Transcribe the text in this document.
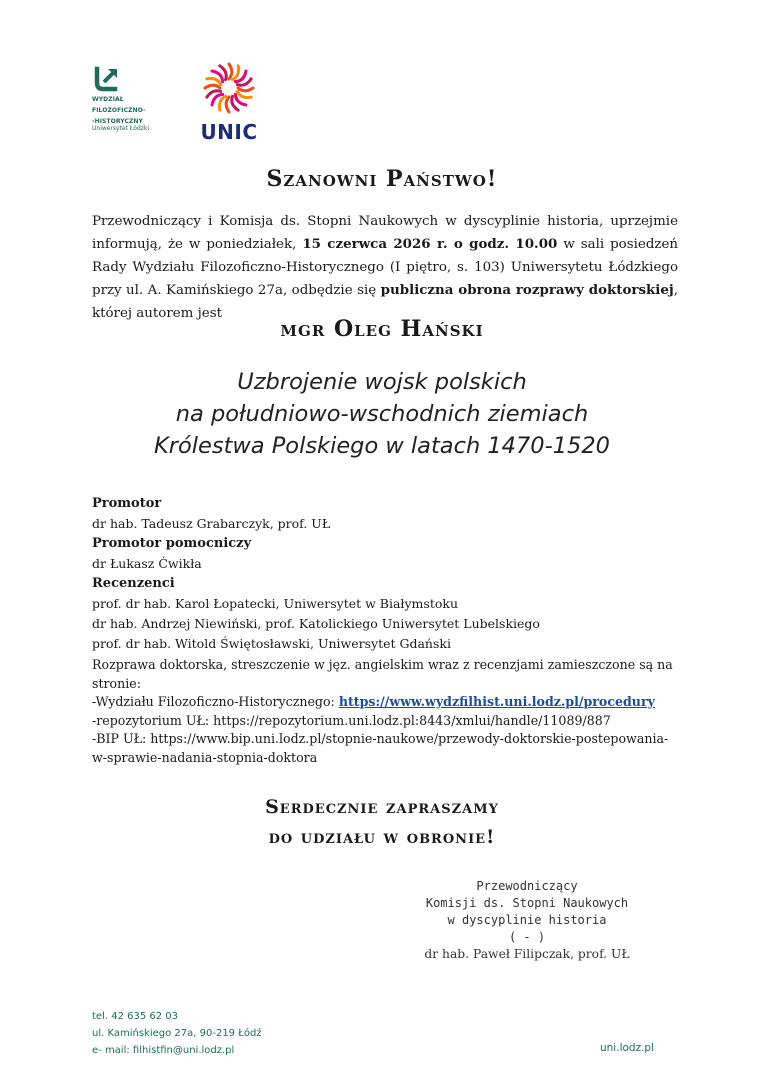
WYDZIAŁ
FILOZOFICZNO-
-HISTORYCZNY
Uniwersytet Łódzki	UNIC
Szanowni Państwo!
Przewodniczący i Komisja ds. Stopni Naukowych w dyscyplinie historia, uprzejmie informują, że w poniedziałek, 15 czerwca 2026 r. o godz. 10.00 w sali posiedzeń Rady Wydziału Filozoficzno-Historycznego (I piętro, s. 103) Uniwersytetu Łódzkiego przy ul. A. Kamińskiego 27a, odbędzie się publiczna obrona rozprawy doktorskiej, której autorem jest
mgr Oleg Hański
Uzbrojenie wojsk polskich
na południowo-wschodnich ziemiach
Królestwa Polskiego w latach 1470-1520
Promotor
dr hab. Tadeusz Grabarczyk, prof. UŁ
Promotor pomocniczy
dr Łukasz Ćwikła
Recenzenci
prof. dr hab. Karol Łopatecki, Uniwersytet w Białymstoku
dr hab. Andrzej Niewiński, prof. Katolickiego Uniwersytet Lubelskiego
prof. dr hab. Witold Świętosławski, Uniwersytet Gdański
Rozprawa doktorska, streszczenie w jęz. angielskim wraz z recenzjami zamieszczone są na stronie:
-Wydziału Filozoficzno-Historycznego: https://www.wydzfilhist.uni.lodz.pl/procedury
-repozytorium UŁ: https://repozytorium.uni.lodz.pl:8443/xmlui/handle/11089/887
-BIP UŁ: https://www.bip.uni.lodz.pl/stopnie-naukowe/przewody-doktorskie-postepowania-
w-sprawie-nadania-stopnia-doktora
Serdecznie zapraszamy
do udziału w obronie!
Przewodniczący
Komisji ds. Stopni Naukowych
w dyscyplinie historia
( - )
dr hab. Paweł Filipczak, prof. UŁ
tel. 42 635 62 03
ul. Kamińskiego 27a, 90-219 Łódź
e- mail: filhistfin@uni.lodz.pl	uni.lodz.pl
